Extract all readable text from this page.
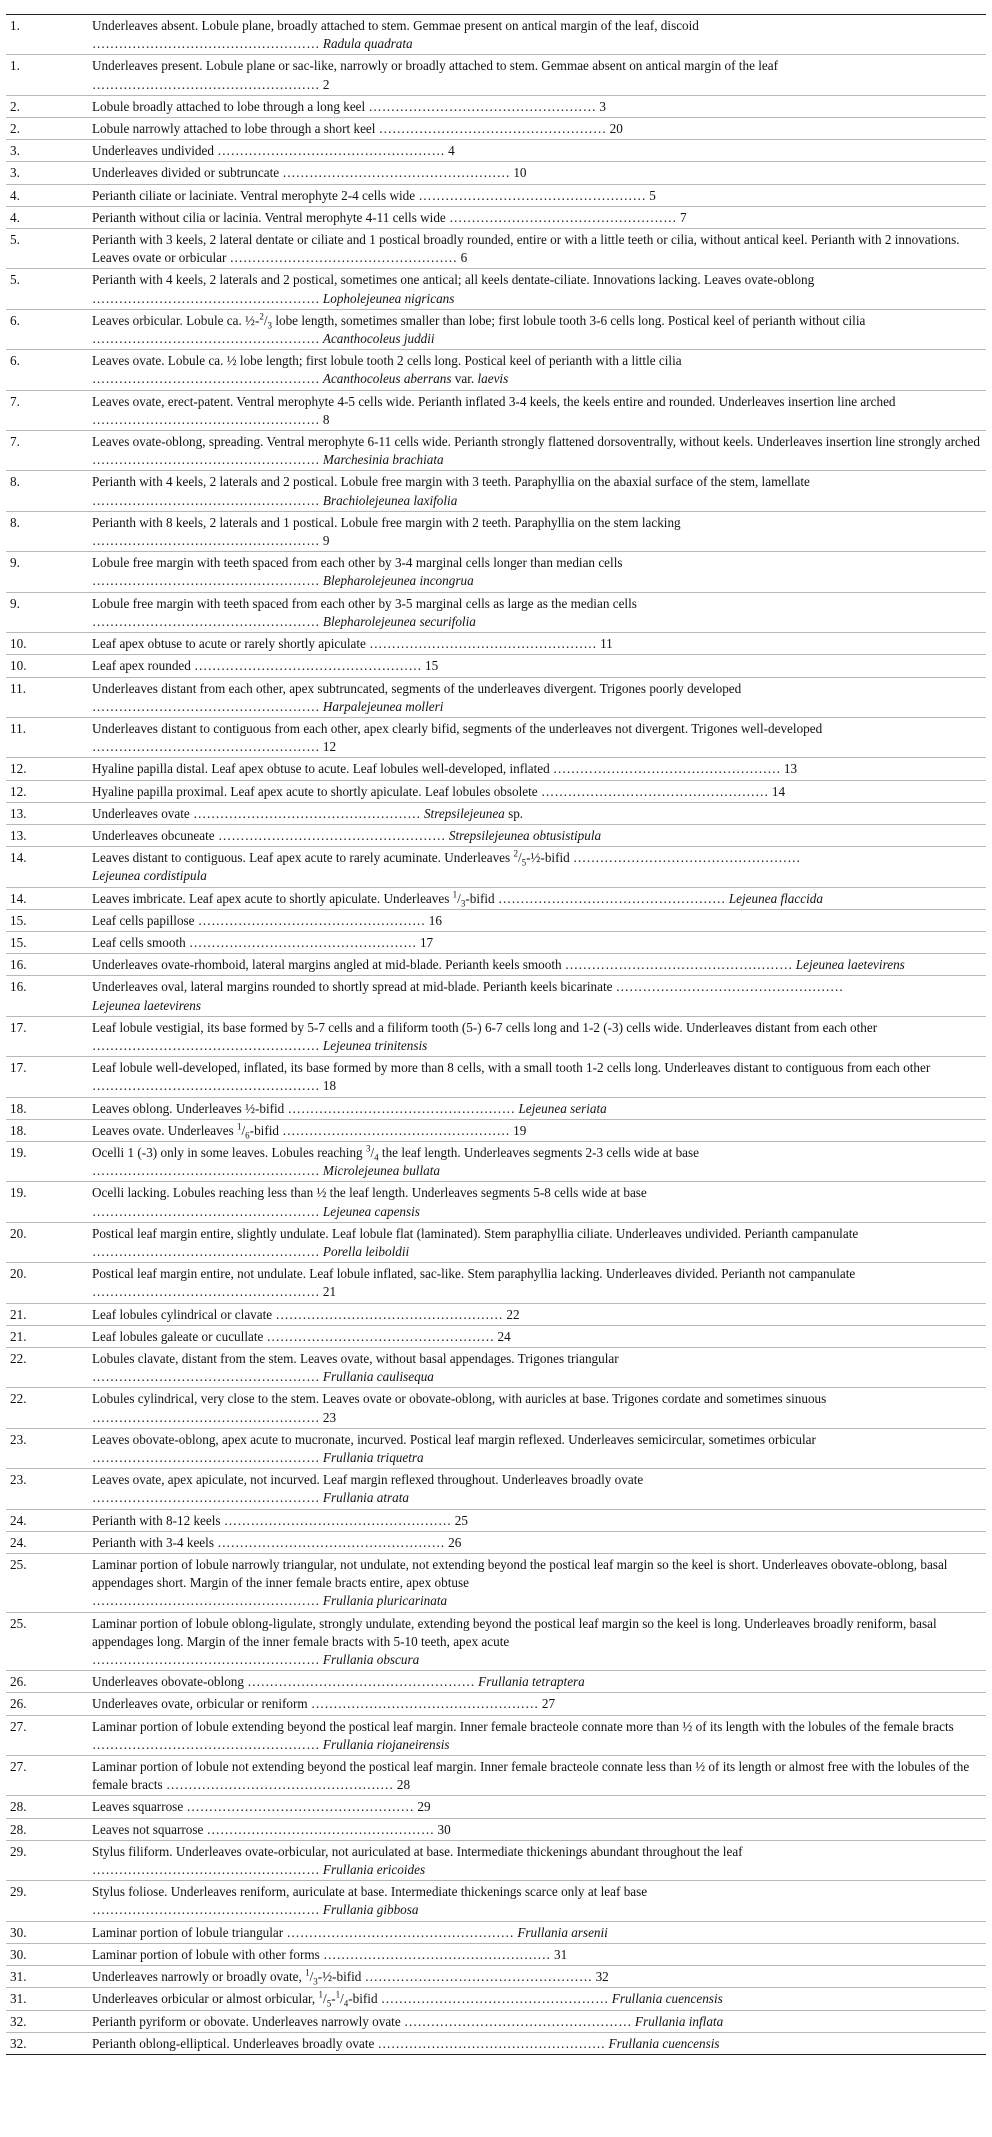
1.	Underleaves absent. Lobule plane, broadly attached to stem. Gemmae present on antical margin of the leaf, discoid
…………………………………………… Radula quadrata
1.	Underleaves present. Lobule plane or sac-like, narrowly or broadly attached to stem. Gemmae absent on antical margin of the leaf
…………………………………………… 2
2.	Lobule broadly attached to lobe through a long keel …………………………………………… 3
2.	Lobule narrowly attached to lobe through a short keel …………………………………………… 20
3.	Underleaves undivided …………………………………………… 4
3.	Underleaves divided or subtruncate …………………………………………… 10
4.	Perianth ciliate or laciniate. Ventral merophyte 2-4 cells wide …………………………………………… 5
4.	Perianth without cilia or lacinia. Ventral merophyte 4-11 cells wide …………………………………………… 7
5.	Perianth with 3 keels, 2 lateral dentate or ciliate and 1 postical broadly rounded, entire or with a little teeth or cilia, without antical keel. Perianth with 2 innovations. Leaves ovate or orbicular …………………………………………… 6
5.	Perianth with 4 keels, 2 laterals and 2 postical, sometimes one antical; all keels dentate-ciliate. Innovations lacking. Leaves ovate-oblong
…………………………………………… Lopholejeunea nigricans
6.	Leaves orbicular. Lobule ca. $\frac{1}{2}-^2/_3$ lobe length, sometimes smaller than lobe; first lobule tooth 3-6 cells long. Postical keel of perianth without cilia …………………………………………… Acanthocoleus juddii
6.	Leaves ovate. Lobule ca. ½ lobe length; first lobule tooth 2 cells long. Postical keel of perianth with a little cilia
…………………………………………… Acanthocoleus aberrans var. laevis
7.	Leaves ovate, erect-patent. Ventral merophyte 4-5 cells wide. Perianth inflated 3-4 keels, the keels entire and rounded. Underleaves insertion line arched …………………………………………… 8
7.	Leaves ovate-oblong, spreading. Ventral merophyte 6-11 cells wide. Perianth strongly flattened dorsoventrally, without keels. Underleaves insertion line strongly arched …………………………………………… Marchesinia brachiata
8.	Perianth with 4 keels, 2 laterals and 2 postical. Lobule free margin with 3 teeth. Paraphyllia on the abaxial surface of the stem, lamellate
…………………………………………… Brachiolejeunea laxifolia
8.	Perianth with 8 keels, 2 laterals and 1 postical. Lobule free margin with 2 teeth. Paraphyllia on the stem lacking
…………………………………………… 9
9.	Lobule free margin with teeth spaced from each other by 3-4 marginal cells longer than median cells
…………………………………………… Blepharolejeunea incongrua
9.	Lobule free margin with teeth spaced from each other by 3-5 marginal cells as large as the median cells
…………………………………………… Blepharolejeunea securifolia
10.	Leaf apex obtuse to acute or rarely shortly apiculate …………………………………………… 11
10.	Leaf apex rounded …………………………………………… 15
11.	Underleaves distant from each other, apex subtruncated, segments of the underleaves divergent. Trigones poorly developed
…………………………………………… Harpalejeunea molleri
11.	Underleaves distant to contiguous from each other, apex clearly bifid, segments of the underleaves not divergent. Trigones well-developed …………………………………………… 12
12.	Hyaline papilla distal. Leaf apex obtuse to acute. Leaf lobules well-developed, inflated …………………………………………… 13
12.	Hyaline papilla proximal. Leaf apex acute to shortly apiculate. Leaf lobules obsolete …………………………………………… 14
13.	Underleaves ovate …………………………………………… Strepsilejeunea sp.
13.	Underleaves obcuneate …………………………………………… Strepsilejeunea obtusistipula
14.	Leaves distant to contiguous. Leaf apex acute to rarely acuminate. Underleaves $^2/_5-\frac{1}{2}$-bifid ……………………………………………
Lejeunea cordistipula
14.	Leaves imbricate. Leaf apex acute to shortly apiculate. Underleaves $^1/_3$-bifid …………………………………………… Lejeunea flaccida
15.	Leaf cells papillose …………………………………………… 16
15.	Leaf cells smooth …………………………………………… 17
16.	Underleaves ovate-rhomboid, lateral margins angled at mid-blade. Perianth keels smooth …………………………………………… Lejeunea laetevirens
16.	Underleaves oval, lateral margins rounded to shortly spread at mid-blade. Perianth keels bicarinate ……………………………………………
Lejeunea laetevirens
17.	Leaf lobule vestigial, its base formed by 5-7 cells and a filiform tooth (5-) 6-7 cells long and 1-2 (-3) cells wide. Underleaves distant from each other …………………………………………… Lejeunea trinitensis
17.	Leaf lobule well-developed, inflated, its base formed by more than 8 cells, with a small tooth 1-2 cells long. Underleaves distant to contiguous from each other …………………………………………… 18
18.	Leaves oblong. Underleaves ½-bifid …………………………………………… Lejeunea seriata
18.	Leaves ovate. Underleaves $^1/_6$-bifid …………………………………………… 19
19.	Ocelli 1 (-3) only in some leaves. Lobules reaching $^3/_4$ the leaf length. Underleaves segments 2-3 cells wide at base
…………………………………………… Microlejeunea bullata
19.	Ocelli lacking. Lobules reaching less than ½ the leaf length. Underleaves segments 5-8 cells wide at base
…………………………………………… Lejeunea capensis
20.	Postical leaf margin entire, slightly undulate. Leaf lobule flat (laminated). Stem paraphyllia ciliate. Underleaves undivided. Perianth campanulate …………………………………………… Porella leiboldii
20.	Postical leaf margin entire, not undulate. Leaf lobule inflated, sac-like. Stem paraphyllia lacking. Underleaves divided. Perianth not campanulate …………………………………………… 21
21.	Leaf lobules cylindrical or clavate …………………………………………… 22
21.	Leaf lobules galeate or cucullate …………………………………………… 24
22.	Lobules clavate, distant from the stem. Leaves ovate, without basal appendages. Trigones triangular
…………………………………………… Frullania caulisequa
22.	Lobules cylindrical, very close to the stem. Leaves ovate or obovate-oblong, with auricles at base. Trigones cordate and sometimes sinuous …………………………………………… 23
23.	Leaves obovate-oblong, apex acute to mucronate, incurved. Postical leaf margin reflexed. Underleaves semicircular, sometimes orbicular
…………………………………………… Frullania triquetra
23.	Leaves ovate, apex apiculate, not incurved. Leaf margin reflexed throughout. Underleaves broadly ovate
…………………………………………… Frullania atrata
24.	Perianth with 8-12 keels …………………………………………… 25
24.	Perianth with 3-4 keels …………………………………………… 26
25.	Laminar portion of lobule narrowly triangular, not undulate, not extending beyond the postical leaf margin so the keel is short. Underleaves obovate-oblong, basal appendages short. Margin of the inner female bracts entire, apex obtuse
…………………………………………… Frullania pluricarinata
25.	Laminar portion of lobule oblong-ligulate, strongly undulate, extending beyond the postical leaf margin so the keel is long. Underleaves broadly reniform, basal appendages long. Margin of the inner female bracts with 5-10 teeth, apex acute
…………………………………………… Frullania obscura
26.	Underleaves obovate-oblong …………………………………………… Frullania tetraptera
26.	Underleaves ovate, orbicular or reniform …………………………………………… 27
27.	Laminar portion of lobule extending beyond the postical leaf margin. Inner female bracteole connate more than ½ of its length with the lobules of the female bracts …………………………………………… Frullania riojaneirensis
27.	Laminar portion of lobule not extending beyond the postical leaf margin. Inner female bracteole connate less than ½ of its length or almost free with the lobules of the female bracts …………………………………………… 28
28.	Leaves squarrose …………………………………………… 29
28.	Leaves not squarrose …………………………………………… 30
29.	Stylus filiform. Underleaves ovate-orbicular, not auriculated at base. Intermediate thickenings abundant throughout the leaf
…………………………………………… Frullania ericoides
29.	Stylus foliose. Underleaves reniform, auriculate at base. Intermediate thickenings scarce only at leaf base
…………………………………………… Frullania gibbosa
30.	Laminar portion of lobule triangular …………………………………………… Frullania arsenii
30.	Laminar portion of lobule with other forms …………………………………………… 31
31.	Underleaves narrowly or broadly ovate, $^1/_3-\frac{1}{2}$-bifid …………………………………………… 32
31.	Underleaves orbicular or almost orbicular, $^1/_5-^1/_4$-bifid …………………………………………… Frullania cuencensis
32.	Perianth pyriform or obovate. Underleaves narrowly ovate …………………………………………… Frullania inflata
32.	Perianth oblong-elliptical. Underleaves broadly ovate …………………………………………… Frullania cuencensis
